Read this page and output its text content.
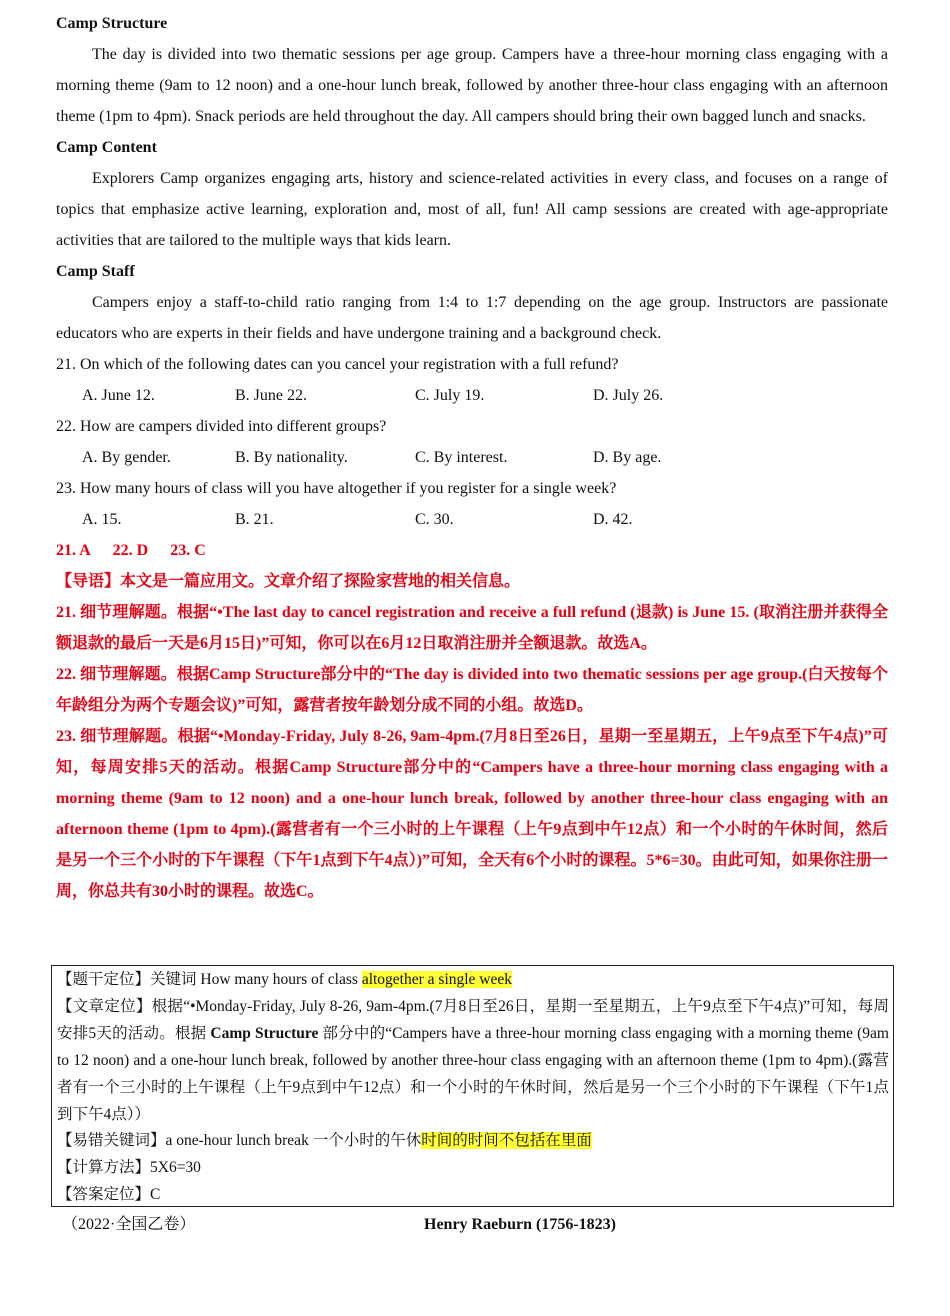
Camp Structure
The day is divided into two thematic sessions per age group. Campers have a three-hour morning class engaging with a morning theme (9am to 12 noon) and a one-hour lunch break, followed by another three-hour class engaging with an afternoon theme (1pm to 4pm). Snack periods are held throughout the day. All campers should bring their own bagged lunch and snacks.
Camp Content
Explorers Camp organizes engaging arts, history and science-related activities in every class, and focuses on a range of topics that emphasize active learning, exploration and, most of all, fun! All camp sessions are created with age-appropriate activities that are tailored to the multiple ways that kids learn.
Camp Staff
Campers enjoy a staff-to-child ratio ranging from 1:4 to 1:7 depending on the age group. Instructors are passionate educators who are experts in their fields and have undergone training and a background check.
21. On which of the following dates can you cancel your registration with a full refund?
A. June 12.	B. June 22.	C. July 19.	D. July 26.
22. How are campers divided into different groups?
A. By gender.	B. By nationality.	C. By interest.	D. By age.
23. How many hours of class will you have altogether if you register for a single week?
A. 15.	B. 21.	C. 30.	D. 42.
21. A 22. D 23. C
【导语】本文是一篇应用文。文章介绍了探险家营地的相关信息。
21. 细节理解题。根据“•The last day to cancel registration and receive a full refund (退款) is June 15. (取消注册并获得全额退款的最后一天是6月15日)”可知，你可以在6月12日取消注册并全额退款。故选A。
22. 细节理解题。根据Camp Structure部分中的“The day is divided into two thematic sessions per age group.(白天按每个年龄组分为两个专题会议)”可知，露营者按年龄划分成不同的小组。故选D。
23. 细节理解题。根据“•Monday-Friday, July 8-26, 9am-4pm.(7月8日至26日，星期一至星期五，上午9点至下午4点)”可知，每周安排5天的活动。根据Camp Structure部分中的“Campers have a three-hour morning class engaging with a morning theme (9am to 12 noon) and a one-hour lunch break, followed by another three-hour class engaging with an afternoon theme (1pm to 4pm).(露营者有一个三小时的上午课程（上午9点到中午12点）和一个小时的午休时间，然后是另一个三个小时的下午课程（下午1点到下午4点）)”可知，全天有6个小时的课程。5*6=30。由此可知，如果你注册一周，你总共有30小时的课程。故选C。
【题干定位】关键词 How many hours of class altogether a single week
【文章定位】根据“•Monday-Friday, July 8-26, 9am-4pm.(7月8日至26日，星期一至星期五，上午9点至下午4点)”可知，每周安排5天的活动。根据 Camp Structure 部分中的“Campers have a three-hour morning class engaging with a morning theme (9am to 12 noon) and a one-hour lunch break, followed by another three-hour class engaging with an afternoon theme (1pm to 4pm).(露营者有一个三小时的上午课程（上午9点到中午12点）和一个小时的午休时间，然后是另一个三个小时的下午课程（下午1点到下午4点））
【易错关键词】a one-hour lunch break 一个小时的午休时间的时间不包括在里面
【计算方法】5X6=30
【答案定位】C
（2022·全国乙卷）	Henry Raeburn (1756-1823)
